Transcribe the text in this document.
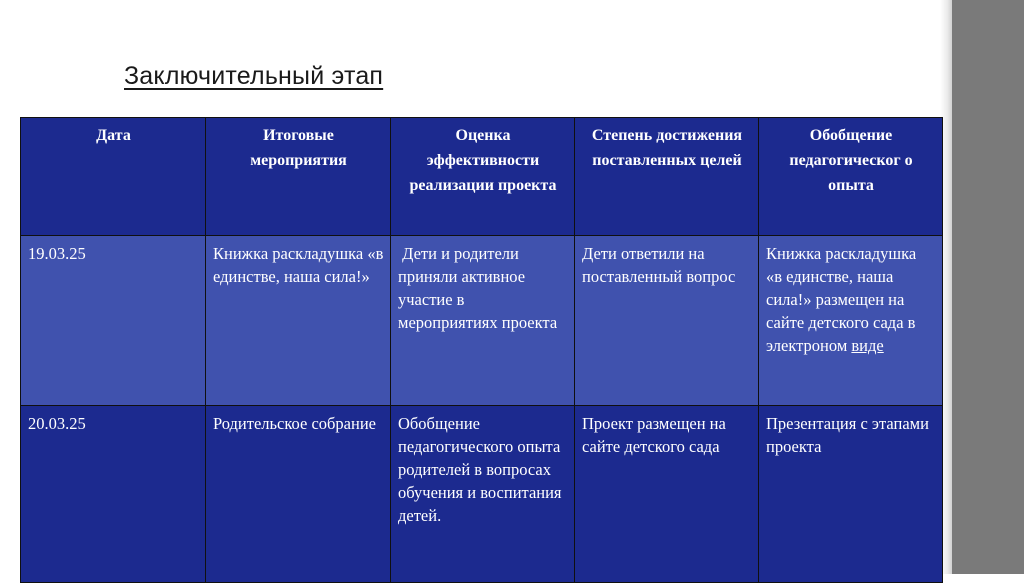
Заключительный этап
Дата	Итоговые мероприятия	Оценка эффективности реализации проекта	Степень достижения поставленных целей	Обобщение педагогическог о опыта
19.03.25	Книжка раскладушка «в единстве, наша сила!»	Дети и родители приняли активное участие в мероприятиях проекта	Дети ответили на поставленный вопрос	Книжка раскладушка «в единстве, наша сила!» размещен на сайте детского сада в электроном виде
20.03.25	Родительское собрание	Обобщение педагогического опыта родителей в вопросах обучения и воспитания детей.	Проект размещен на сайте детского сада	Презентация с этапами проекта
